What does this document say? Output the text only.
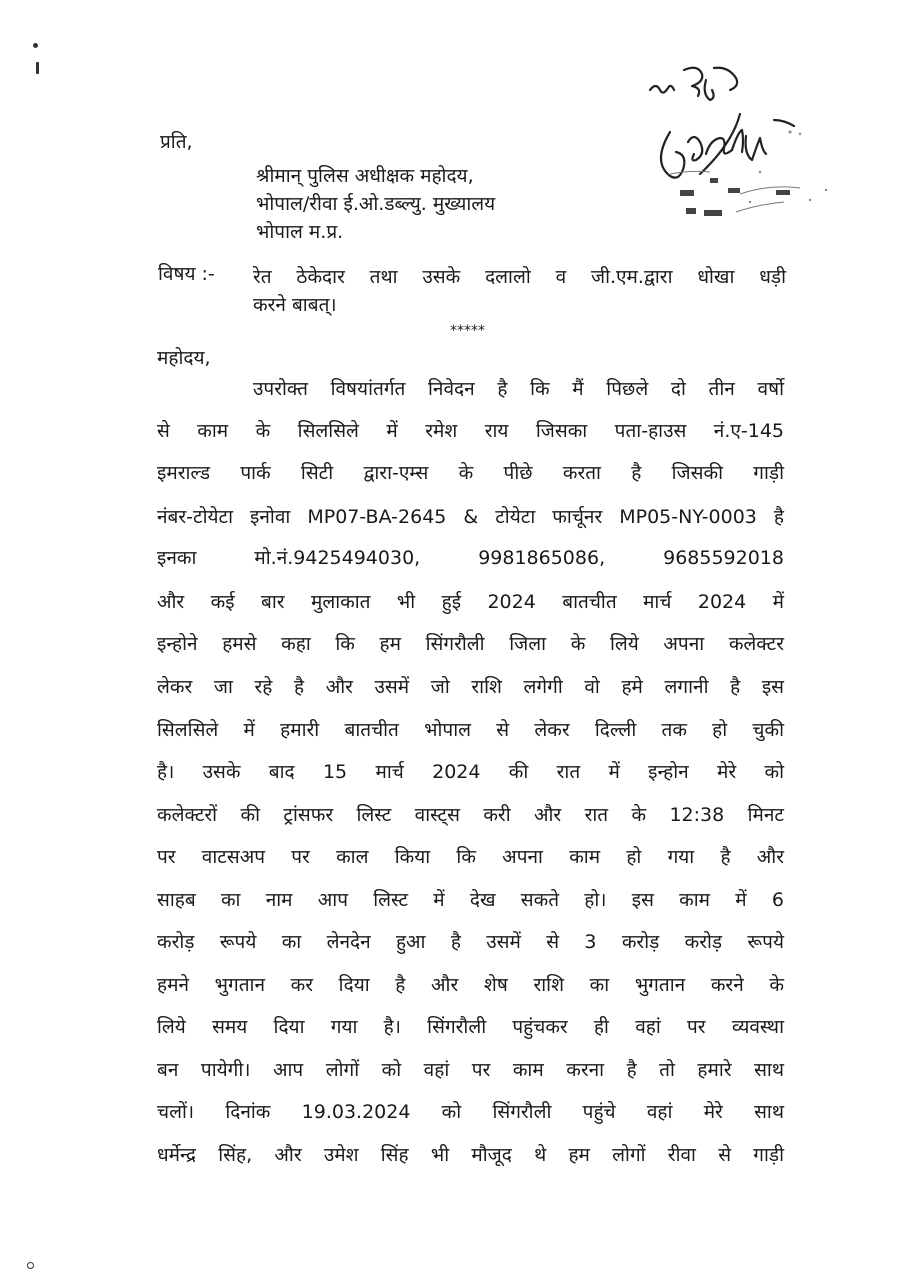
प्रति,
श्रीमान् पुलिस अधीक्षक महोदय,
भोपाल/रीवा ई.ओ.डब्ल्यु. मुख्यालय
भोपाल म.प्र.
विषय :- रेत ठेकेदार तथा उसके दलालो व जी.एम.द्वारा धोखा धड़ी
करने बाबत्।
*****
महोदय,
उपरोक्त विषयांतर्गत निवेदन है कि मैं पिछले दो तीन वर्षो
से काम के सिलसिले में रमेश राय जिसका पता-हाउस नं.ए-145
इमराल्ड पार्क सिटी द्वारा-एम्स के पीछे करता है जिसकी गाड़ी
नंबर-टोयेटा इनोवा MP07-BA-2645 & टोयेटा फार्चूनर MP05-NY-0003 है
इनका मो.नं.9425494030, 9981865086, 9685592018
और कई बार मुलाकात भी हुई 2024 बातचीत मार्च 2024 में
इन्होने हमसे कहा कि हम सिंगरौली जिला के लिये अपना कलेक्टर
लेकर जा रहे है और उसमें जो राशि लगेगी वो हमे लगानी है इस
सिलसिले में हमारी बातचीत भोपाल से लेकर दिल्ली तक हो चुकी
है। उसके बाद 15 मार्च 2024 की रात में इन्होन मेरे को
कलेक्टरों की ट्रांसफर लिस्ट वास्ट्स करी और रात के 12:38 मिनट
पर वाटसअप पर काल किया कि अपना काम हो गया है और
साहब का नाम आप लिस्ट में देख सकते हो। इस काम में 6
करोड़ रूपये का लेनदेन हुआ है उसमें से 3 करोड़ करोड़ रूपये
हमने भुगतान कर दिया है और शेष राशि का भुगतान करने के
लिये समय दिया गया है। सिंगरौली पहुंचकर ही वहां पर व्यवस्था
बन पायेगी। आप लोगों को वहां पर काम करना है तो हमारे साथ
चलों। दिनांक 19.03.2024 को सिंगरौली पहुंचे वहां मेरे साथ
धर्मेन्द्र सिंह, और उमेश सिंह भी मौजूद थे हम लोगों रीवा से गाड़ी
